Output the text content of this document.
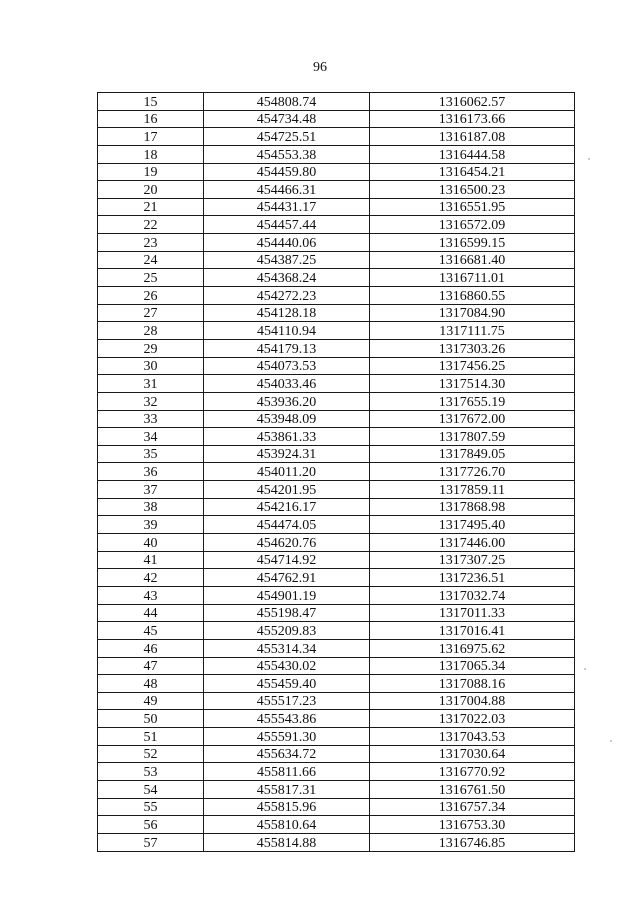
96
15	454808.74	1316062.57
16	454734.48	1316173.66
17	454725.51	1316187.08
18	454553.38	1316444.58
19	454459.80	1316454.21
20	454466.31	1316500.23
21	454431.17	1316551.95
22	454457.44	1316572.09
23	454440.06	1316599.15
24	454387.25	1316681.40
25	454368.24	1316711.01
26	454272.23	1316860.55
27	454128.18	1317084.90
28	454110.94	1317111.75
29	454179.13	1317303.26
30	454073.53	1317456.25
31	454033.46	1317514.30
32	453936.20	1317655.19
33	453948.09	1317672.00
34	453861.33	1317807.59
35	453924.31	1317849.05
36	454011.20	1317726.70
37	454201.95	1317859.11
38	454216.17	1317868.98
39	454474.05	1317495.40
40	454620.76	1317446.00
41	454714.92	1317307.25
42	454762.91	1317236.51
43	454901.19	1317032.74
44	455198.47	1317011.33
45	455209.83	1317016.41
46	455314.34	1316975.62
47	455430.02	1317065.34
48	455459.40	1317088.16
49	455517.23	1317004.88
50	455543.86	1317022.03
51	455591.30	1317043.53
52	455634.72	1317030.64
53	455811.66	1316770.92
54	455817.31	1316761.50
55	455815.96	1316757.34
56	455810.64	1316753.30
57	455814.88	1316746.85
